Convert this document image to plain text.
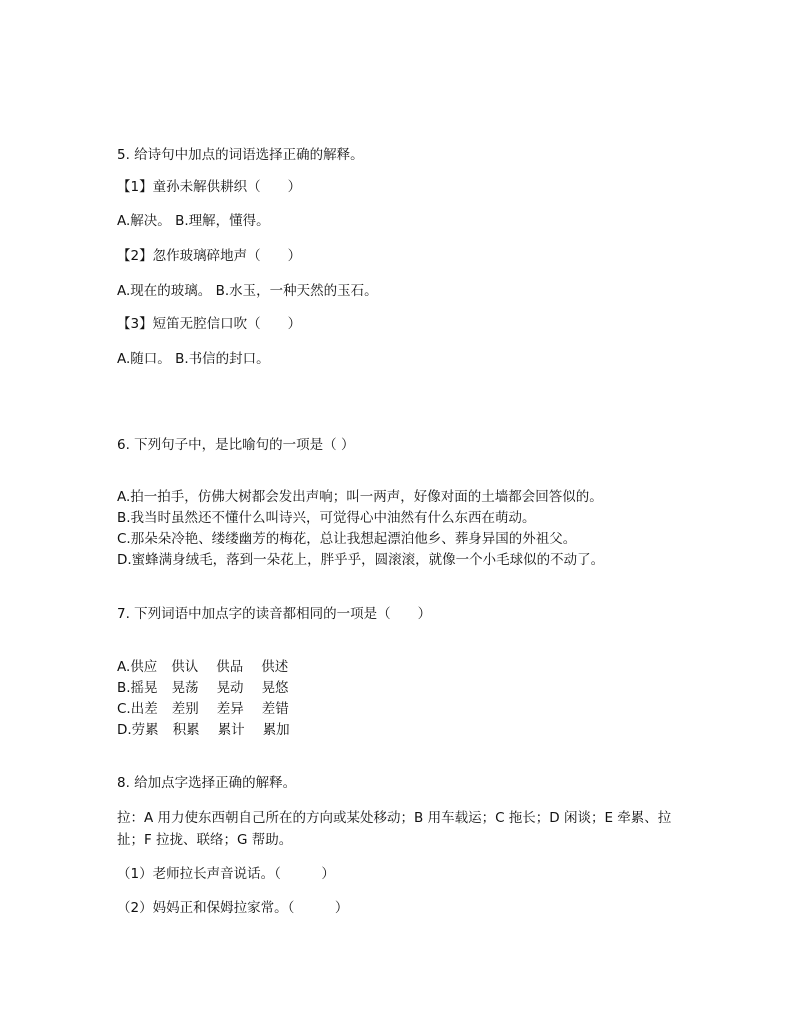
5. 给诗句中加点的词语选择正确的解释。
【1】童孙未解供耕织（　　）
A.解决。 B.理解，懂得。
【2】忽作玻璃碎地声（　　）
A.现在的玻璃。 B.水玉，一种天然的玉石。
【3】短笛无腔信口吹（　　）
A.随口。 B.书信的封口。
6. 下列句子中，是比喻句的一项是（ ）
A.拍一拍手，仿佛大树都会发出声响；叫一两声，好像对面的土墙都会回答似的。
B.我当时虽然还不懂什么叫诗兴，可觉得心中油然有什么东西在萌动。
C.那朵朵冷艳、缕缕幽芳的梅花，总让我想起漂泊他乡、葬身异国的外祖父。
D.蜜蜂满身绒毛，落到一朵花上，胖乎乎，圆滚滚，就像一个小毛球似的不动了。
7. 下列词语中加点字的读音都相同的一项是（　　）
A.供应 供认 供品 供述
B.摇晃 晃荡 晃动 晃悠
C.出差 差别 差异 差错
D.劳累 积累 累计 累加
8. 给加点字选择正确的解释。
拉：A 用力使东西朝自己所在的方向或某处移动；B 用车载运；C 拖长；D 闲谈；E 牵累、拉扯；F 拉拢、联络；G 帮助。
（1）老师拉长声音说话。（　　　）
（2）妈妈正和保姆拉家常。（　　　）
